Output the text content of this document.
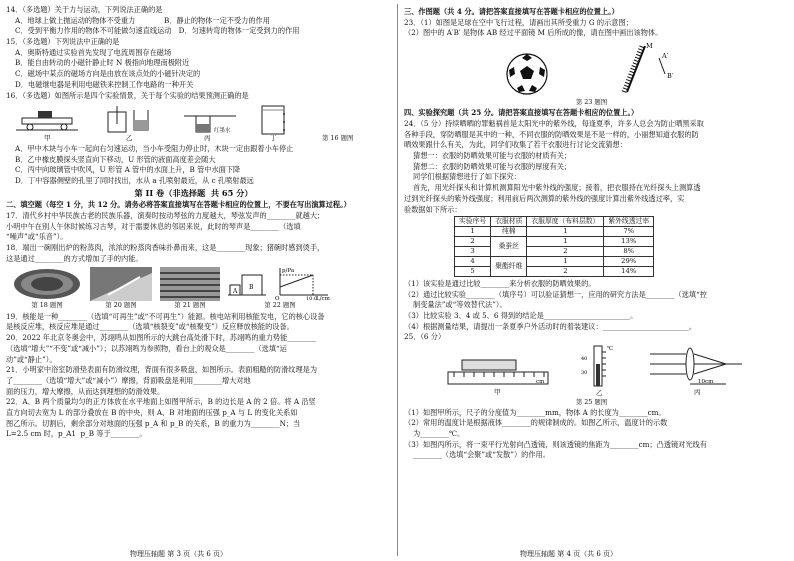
14．（多选题）关于力与运动，下列说法正确的是

A．地球上做上抛运动的物体不受重力　　　　	B．静止的物体一定不受力的作用

C．受到平衡力作用的物体不可能做匀速直线运动　 D．匀速转弯的物体一定受到力的作用

15．（多选题）下列说法中正确的是

A．奥斯特通过实验首先发现了电流周围存在磁场

B．能自由转动的小磁针静止时 N 极指向地理南极附近

C．磁场中某点的磁场方向是由放在该点处的小磁针决定的

D．电磁继电器是利用电磁铁来控制工作电路的一种开关

16．（多选题）如图所示是四个实验情景，关于每个实验的结果预测正确的是

红墨水
甲	乙	丙	丁	第 16 题图

A．甲中木块与小车一起向右匀速运动，当小车受阻力停止时，木块一定由跟着小车停止

B．乙中橡皮膜探头竖直向下移动，U 形管的液面高度差会随大

C．丙中向玻璃管中吹风，U 形管 A 管中的水面上升，B 管中水面下降

D．丁中容器侧壁的孔里了同时找出，水从 a 孔喷射最近，从 c 孔喷射最远

第 II 卷（非选择题  共 65 分）

二、填空题（每空 1 分，共 12 分。请务必将答案直接填写在答题卡相应的位置上，不要在写出演算过程。）

17．清代乡村中华民族古老的民族乐器，演奏时按动琴弦的力度越大，琴弦发声的________就越大；

小明中午在别人午休时候练习古琴，对于需要休息的邻居来说，此时的琴声是________（选填

“噪声”或“乐音”）。

18．端出一碗刚出炉的粉蒸肉，浓浓的粉蒸肉香味扑鼻而来，这是________现象；猪碗时感到烫手，

这是通过________的方式增加了手的内能。

第 18 题图	第 20 题图	第 21 题图
A
B
p/Pa
L/cm
O	10.0
第 22 题图

19．核能是一种________（选填“可再生”或“不可再生”）能源。核电站利用核能发电，它的核心设备

是核反应堆，核反应堆是通过________（选填“核裂变”或“核聚变”）反应释放核能的设备。

20．2022 年北京冬奥会中，苏翊鸣从如图所示的大跳台高处滑下时，苏翊鸣的重力势能________

（选填“增大”“不变”或“减小”）；以苏翊鸣为参照物，看台上的观众是________（选填“运

动”或“静止”）。

21．小明家中浴室防滑垫表面有防滑纹理，背面有很多吸盘，如图所示。表面粗糙的防滑纹理是为

了________（选填“增大”或“减小”）摩擦，背面吸盘是利用________增大对地

面的压力，增大摩擦，从而达到理想的防滑效果。

22．A、B 两个质量均匀的正方体放在水平地面上如图甲所示，B 的边长是 A 的 2 倍。将 A 沿竖

直方向切去宽为 L 的部分叠放在 B 的中央，则 A、B 对地面的压强 p_A 与 L 的变化关系如

图乙所示。切割后，剩余部分对地面的压强 p_A 和 p_B 的关系，B 的重力为________N；当

L=2.5 cm 时，p_A1  p_B 等于________。

三、作图题（共 4 分。请把答案直接填写在答题卡相应的位置上。）

23．（1）如图是足球在空中飞行过程，请画出其所受重力 G 的示意图；

（2）图中的 A′B′ 是物体 AB 经过平面镜 M 后所成的像，请在图中画出该物体。

M
A′
B′

第 23 题图

四、实验探究题（共 25 分。请把答案直接填写在答题卡相应的位置上。）

24．（5 分）持续晒晒的罪魁祸首是太阳光中的紫外线，每逢夏季，许多人总会为防止晒黑采取

各种手段，穿防晒服是其中的一种，不同衣服的防晒效果是不是一样的，小丽想知道衣服的防

晒效果跟什么有关，为此，同学们收集了若干衣服进行讨论交流猜想：

猜想一：衣服的防晒效果可能与衣服的材质有关；

猜想二：衣服的防晒效果可能与衣服的厚度有关；

同学们根据猜想进行了如下探究：

首先，用光纤探头和计算机测算阳光中紫外线的强度；接着，把衣服持在光纤探头上测算透

过到光纤探头的紫外线强度；利用前后两次测算的紫外线的强度计算出紫外线透过率，实

验数据如下所示：

实验序号	衣服材质	衣服厚度（布料层数）	紫外线透过率
1	纯棉	1	7%
2	桑蚕丝	1	13%
3		2	8%
4	聚酯纤维	1	29%
5		2	14%

（1）该实验是通过比较________来分析衣服的防晒效果的。

（2）通过比较实验________（填序号）可以验证猜想一，应用的研究方法是________（选填“控

制变量法”或“等效替代法”）。

（3）比较实验 3、4 或 5、6 得到的结论是________________________。

（4）根据测量结果，请提出一条夏季户外活动时的着装建议：________________________。

25．（6 分）

cm
甲
℃
40
30
乙
10cm
丙

第 25 题图

（1）如图甲所示，尺子的分度值为________mm，物体 A 的长度为________cm。

（2）常用的温度计是根据液体________的规律制成的。如图乙所示，温度计的示数

为________℃。

（3）如图丙所示，将一束平行光射向凸透镜，则该透镜的焦距为________cm；凸透镜对光线有

________（选填“会聚”或“发散”）的作用。

物理压轴题 第 3 页（共 6 页）	物理压轴题 第 4 页（共 6 页）
